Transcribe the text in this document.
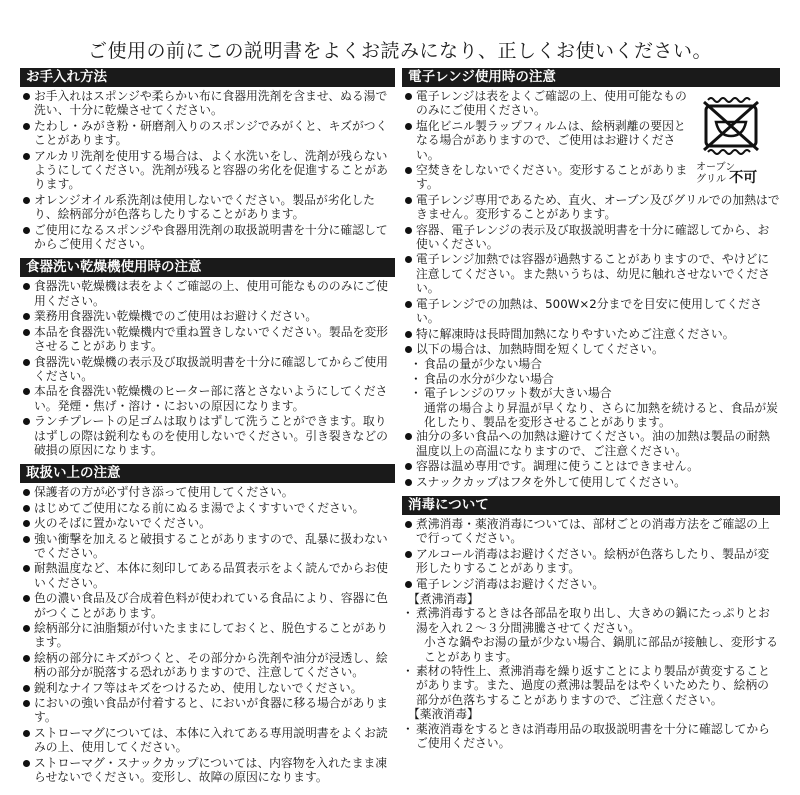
ご使用の前にこの説明書をよくお読みになり、正しくお使いください。
お手入れ方法
お手入れはスポンジや柔らかい布に食器用洗剤を含ませ、ぬる湯で洗い、十分に乾燥させてください。
たわし・みがき粉・研磨剤入りのスポンジでみがくと、キズがつくことがあります。
アルカリ洗剤を使用する場合は、よく水洗いをし、洗剤が残らないようにしてください。洗剤が残ると容器の劣化を促進することがあります。
オレンジオイル系洗剤は使用しないでください。製品が劣化したり、絵柄部分が色落ちしたりすることがあります。
ご使用になるスポンジや食器用洗剤の取扱説明書を十分に確認してからご使用ください。
食器洗い乾燥機使用時の注意
食器洗い乾燥機は表をよくご確認の上、使用可能なもののみにご使用ください。
業務用食器洗い乾燥機でのご使用はお避けください。
本品を食器洗い乾燥機内で重ね置きしないでください。製品を変形させることがあります。
食器洗い乾燥機の表示及び取扱説明書を十分に確認してからご使用ください。
本品を食器洗い乾燥機のヒーター部に落とさないようにしてください。発煙・焦げ・溶け・においの原因になります。
ランチプレートの足ゴムは取りはずして洗うことができます。取りはずしの際は鋭利なものを使用しないでください。引き裂きなどの破損の原因になります。
取扱い上の注意
保護者の方が必ず付き添って使用してください。
はじめてご使用になる前にぬるま湯でよくすすいでください。
火のそばに置かないでください。
強い衝撃を加えると破損することがありますので、乱暴に扱わないでください。
耐熱温度など、本体に刻印してある品質表示をよく読んでからお使いください。
色の濃い食品及び合成着色料が使われている食品により、容器に色がつくことがあります。
絵柄部分に油脂類が付いたままにしておくと、脱色することがあります。
絵柄の部分にキズがつくと、その部分から洗剤や油分が浸透し、絵柄の部分が脱落する恐れがありますので、注意してください。
鋭利なナイフ等はキズをつけるため、使用しないでください。
においの強い食品が付着すると、においが食器に移る場合があります。
ストローマグについては、本体に入れてある専用説明書をよくお読みの上、使用してください。
ストローマグ・スナックカップについては、内容物を入れたまま凍らせないでください。変形し、故障の原因になります。
電子レンジ使用時の注意
電子レンジは表をよくご確認の上、使用可能なもののみにご使用ください。
塩化ビニル製ラップフィルムは、絵柄剥離の要因となる場合がありますので、ご使用はお避けください。
空焚きをしないでください。変形することがあります。
電子レンジ専用であるため、直火、オーブン及びグリルでの加熱はできません。変形することがあります。
容器、電子レンジの表示及び取扱説明書を十分に確認してから、お使いください。
電子レンジ加熱では容器が過熱することがありますので、やけどに注意してください。また熱いうちは、幼児に触れさせないでください。
電子レンジでの加熱は、500W×2分までを目安に使用してください。
特に解凍時は長時間加熱になりやすいためご注意ください。
以下の場合は、加熱時間を短くしてください。
・ 食品の量が少ない場合
・ 食品の水分が少ない場合
・ 電子レンジのワット数が大きい場合
通常の場合より昇温が早くなり、さらに加熱を続けると、食品が炭化したり、製品を変形させることがあります。
油分の多い食品への加熱は避けてください。油の加熱は製品の耐熱温度以上の高温になりますので、ご注意ください。
容器は温め専用です。調理に使うことはできません。
スナックカップはフタを外して使用してください。
消毒について
煮沸消毒・薬液消毒については、部材ごとの消毒方法をご確認の上で行ってください。
アルコール消毒はお避けください。絵柄が色落ちしたり、製品が変形したりすることがあります。
電子レンジ消毒はお避けください。
【煮沸消毒】
・ 煮沸消毒するときは各部品を取り出し、大きめの鍋にたっぷりとお湯を入れ２～３分間沸騰させてください。
小さな鍋やお湯の量が少ない場合、鍋肌に部品が接触し、変形することがあります。
・ 素材の特性上、煮沸消毒を繰り返すことにより製品が黄変することがあります。また、過度の煮沸は製品をはやくいためたり、絵柄の部分が色落ちすることがありますので、ご注意ください。
【薬液消毒】
・ 薬液消毒をするときは消毒用品の取扱説明書を十分に確認してからご使用ください。
オーブン
グリル 不可
